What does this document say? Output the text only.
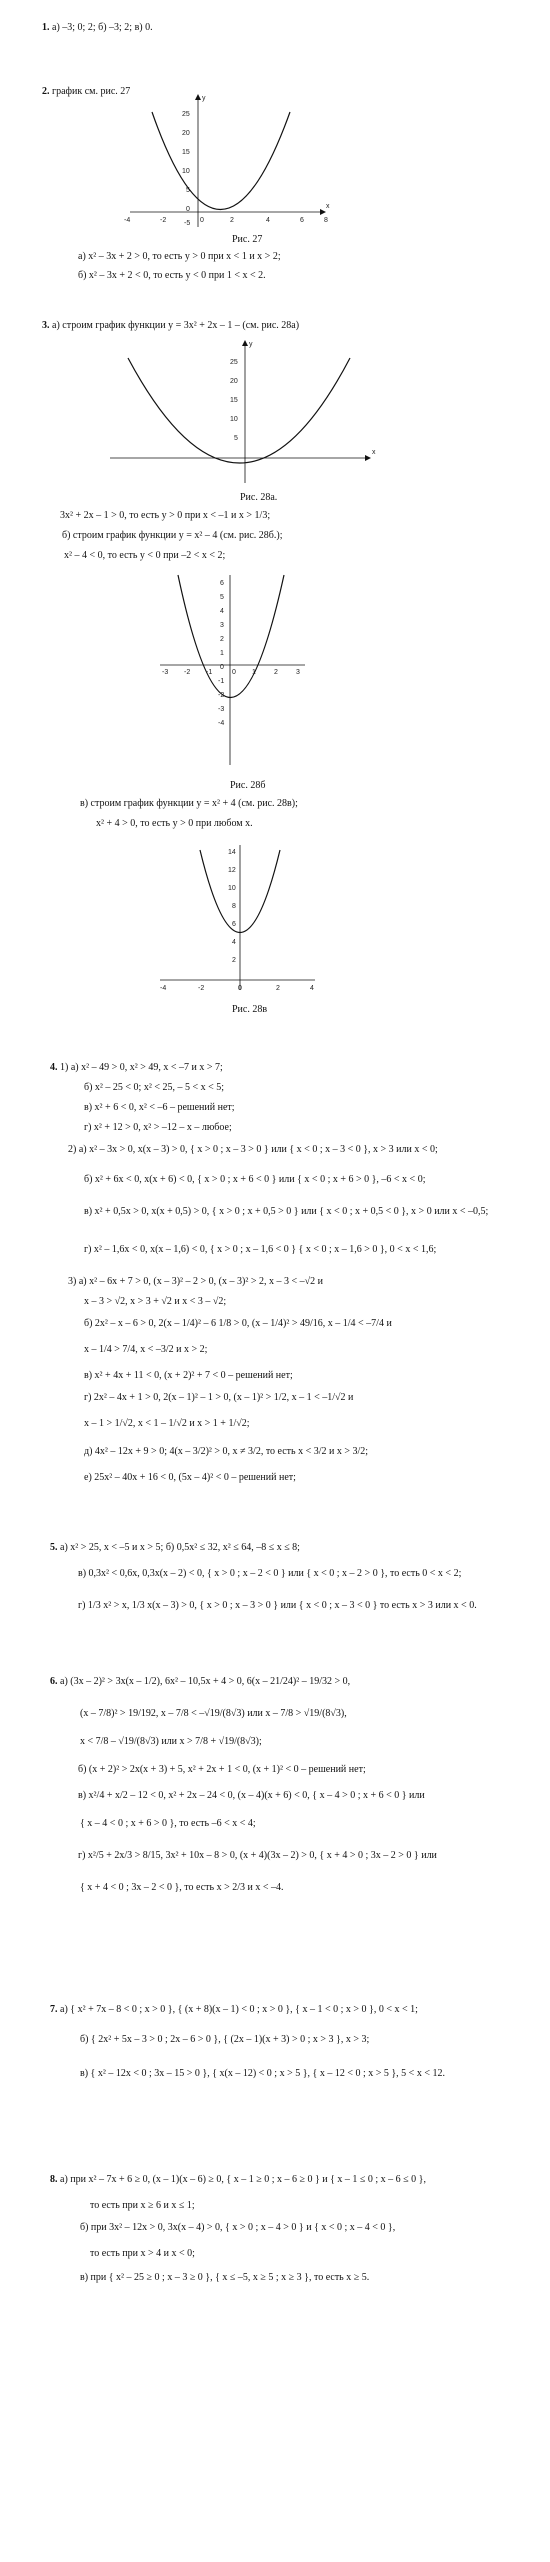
1. а) –3; 0; 2; б) –3; 2; в) 0.
2. график см. рис. 27
y
x
25
20
15
10
5
0
-5
-4	-2	0	2	4	6	8
Рис. 27
а) x² – 3x + 2 > 0, то есть y > 0 при x < 1 и x > 2;
б) x² – 3x + 2 < 0, то есть y < 0 при 1 < x < 2.
3. а) строим график функции y = 3x² + 2x – 1 – (см. рис. 28а)
y
x
25
20
15
10
5
Рис. 28а.
3x² + 2x – 1 > 0, то есть y > 0 при x < –1 и x > 1/3;
б) строим график функции y = x² – 4 (см. рис. 28б.);
x² – 4 < 0, то есть y < 0 при –2 < x < 2;
6
5
4
3
2
1
0
-1
-2
-3
-4
-3 -2 -1	0 1	2	3
Рис. 28б
в) строим график функции y = x² + 4 (см. рис. 28в);
x² + 4 > 0, то есть y > 0 при любом x.
14
12
10
8
6
4
2
-4	-2	0	2	4
Рис. 28в
4. 1) а) x² – 49 > 0, x² > 49, x < –7 и x > 7;
б) x² – 25 < 0; x² < 25, – 5 < x < 5;
в) x² + 6 < 0, x² < –6 – решений нет;
г) x² + 12 > 0, x² > –12 – x – любое;
2) а) x² – 3x > 0, x(x – 3) > 0, { x > 0 ; x – 3 > 0 } или { x < 0 ; x – 3 < 0 }, x > 3 или x < 0;
б) x² + 6x < 0, x(x + 6) < 0, { x > 0 ; x + 6 < 0 } или { x < 0 ; x + 6 > 0 }, –6 < x < 0;
в) x² + 0,5x > 0, x(x + 0,5) > 0, { x > 0 ; x + 0,5 > 0 } или { x < 0 ; x + 0,5 < 0 }, x > 0 или x < –0,5;
г) x² – 1,6x < 0, x(x – 1,6) < 0, { x > 0 ; x – 1,6 < 0 } { x < 0 ; x – 1,6 > 0 }, 0 < x < 1,6;
3) а) x² – 6x + 7 > 0, (x – 3)² – 2 > 0, (x – 3)² > 2, x – 3 < –√2 и
x – 3 > √2, x > 3 + √2 и x < 3 – √2;
б) 2x² – x – 6 > 0, 2(x – 1/4)² – 6 1/8 > 0, (x – 1/4)² > 49/16, x – 1/4 < –7/4 и
x – 1/4 > 7/4, x < –3/2 и x > 2;
в) x² + 4x + 11 < 0, (x + 2)² + 7 < 0 – решений нет;
г) 2x² – 4x + 1 > 0, 2(x – 1)² – 1 > 0, (x – 1)² > 1/2, x – 1 < –1/√2 и
x – 1 > 1/√2, x < 1 – 1/√2 и x > 1 + 1/√2;
д) 4x² – 12x + 9 > 0; 4(x – 3/2)² > 0, x ≠ 3/2, то есть x < 3/2 и x > 3/2;
е) 25x² – 40x + 16 < 0, (5x – 4)² < 0 – решений нет;
5. а) x² > 25, x < –5 и x > 5; б) 0,5x² ≤ 32, x² ≤ 64, –8 ≤ x ≤ 8;
в) 0,3x² < 0,6x, 0,3x(x – 2) < 0, { x > 0 ; x – 2 < 0 } или { x < 0 ; x – 2 > 0 }, то есть 0 < x < 2;
г) 1/3 x² > x, 1/3 x(x – 3) > 0, { x > 0 ; x – 3 > 0 } или { x < 0 ; x – 3 < 0 } то есть x > 3 или x < 0.
6. а) (3x – 2)² > 3x(x – 1/2), 6x² – 10,5x + 4 > 0, 6(x – 21/24)² – 19/32 > 0,
(x – 7/8)² > 19/192, x – 7/8 < –√19/(8√3) или x – 7/8 > √19/(8√3),
x < 7/8 – √19/(8√3) или x > 7/8 + √19/(8√3);
б) (x + 2)² > 2x(x + 3) + 5, x² + 2x + 1 < 0, (x + 1)² < 0 – решений нет;
в) x²/4 + x/2 – 12 < 0, x² + 2x – 24 < 0, (x – 4)(x + 6) < 0, { x – 4 > 0 ; x + 6 < 0 } или
{ x – 4 < 0 ; x + 6 > 0 }, то есть –6 < x < 4;
г) x²/5 + 2x/3 > 8/15, 3x² + 10x – 8 > 0, (x + 4)(3x – 2) > 0, { x + 4 > 0 ; 3x – 2 > 0 } или
{ x + 4 < 0 ; 3x – 2 < 0 }, то есть x > 2/3 и x < –4.
7. а) { x² + 7x – 8 < 0 ; x > 0 }, { (x + 8)(x – 1) < 0 ; x > 0 }, { x – 1 < 0 ; x > 0 }, 0 < x < 1;
б) { 2x² + 5x – 3 > 0 ; 2x – 6 > 0 }, { (2x – 1)(x + 3) > 0 ; x > 3 }, x > 3;
в) { x² – 12x < 0 ; 3x – 15 > 0 }, { x(x – 12) < 0 ; x > 5 }, { x – 12 < 0 ; x > 5 }, 5 < x < 12.
8. а) при x² – 7x + 6 ≥ 0, (x – 1)(x – 6) ≥ 0, { x – 1 ≥ 0 ; x – 6 ≥ 0 } и { x – 1 ≤ 0 ; x – 6 ≤ 0 },
то есть при x ≥ 6 и x ≤ 1;
б) при 3x² – 12x > 0, 3x(x – 4) > 0, { x > 0 ; x – 4 > 0 } и { x < 0 ; x – 4 < 0 },
то есть при x > 4 и x < 0;
в) при { x² – 25 ≥ 0 ; x – 3 ≥ 0 }, { x ≤ –5, x ≥ 5 ; x ≥ 3 }, то есть x ≥ 5.
